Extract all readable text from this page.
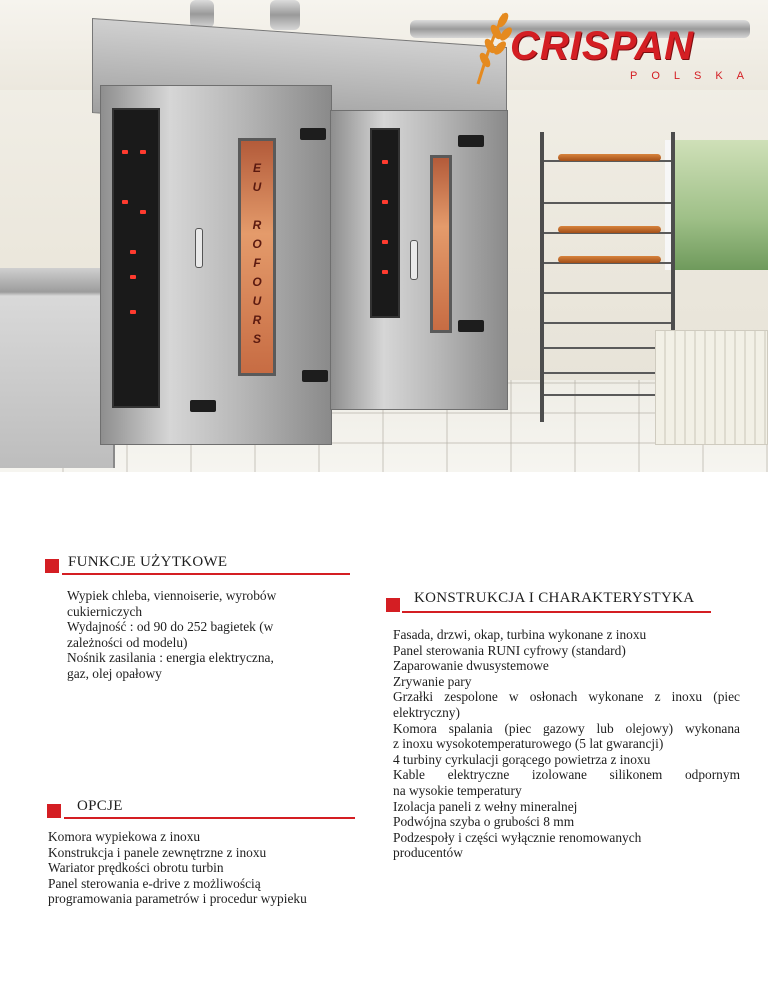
E
U

R
O
F
O
U
R
S
CRISPAN
POLSKA
FUNKCJE UŻYTKOWE
Wypiek chleba, viennoiserie, wyrobów
cukierniczych
Wydajność : od 90 do 252 bagietek (w
zależności od modelu)
Nośnik zasilania : energia elektryczna,
gaz, olej opałowy
OPCJE
Komora wypiekowa z inoxu
Konstrukcja i panele zewnętrzne z inoxu
Wariator prędkości obrotu turbin
Panel sterowania e-drive z możliwością
programowania parametrów i procedur wypieku
KONSTRUKCJA I CHARAKTERYSTYKA
Fasada, drzwi, okap, turbina wykonane z inoxu
Panel sterowania RUNI cyfrowy (standard)
Zaparowanie dwusystemowe
Zrywanie pary
Grzałki zespolone w osłonach wykonane z inoxu (piec
elektryczny)
Komora spalania (piec gazowy lub olejowy) wykonana
z inoxu wysokotemperaturowego (5 lat gwarancji)
4 turbiny cyrkulacji gorącego powietrza z inoxu
Kable elektryczne izolowane silikonem odpornym
na wysokie temperatury
Izolacja paneli z wełny mineralnej
Podwójna szyba o grubości 8 mm
Podzespoły i części wyłącznie renomowanych
producentów
